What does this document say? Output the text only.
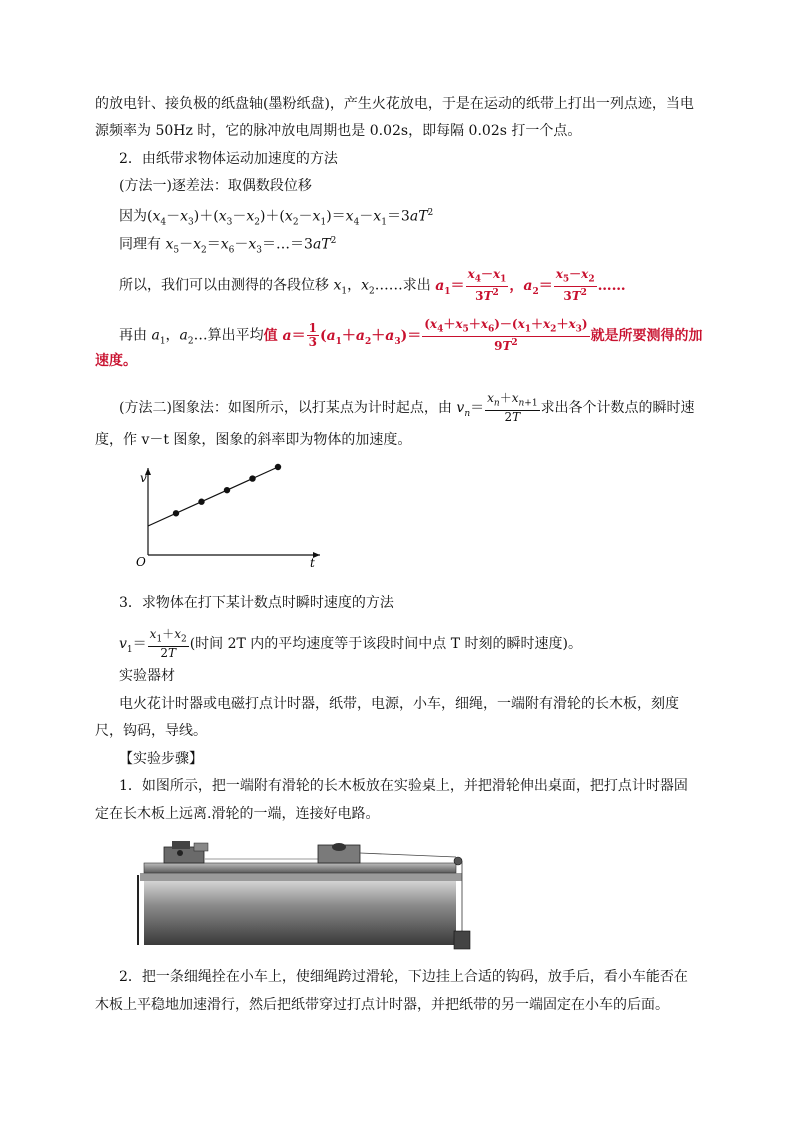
的放电针、接负极的纸盘轴(墨粉纸盘)，产生火花放电，于是在运动的纸带上打出一列点迹，当电
源频率为 50Hz 时，它的脉冲放电周期也是 0.02s，即每隔 0.02s 打一个点。
2．由纸带求物体运动加速度的方法
(方法一)逐差法：取偶数段位移
因为$(x_4-x_3)+(x_3-x_2)+(x_2-x_1)=x_4-x_1=3aT^2$
同理有 $x_5-x_2=x_6-x_3=\dots=3aT^2$
所以，我们可以由测得的各段位移 $x_1$，$x_2\dots\dots$求出 $a_1= \frac{x_4-x_1}{3T^2}$ ，$a_2= \frac{x_5-x_2}{3T^2}$ ……
再由 $a_1$，$a_2\dots$算出平均值 $a= \frac{1}{3} (a_1+a_2+a_3)= \frac{(x_4+x_5+x_6)-(x_1+x_2+x_3)}{9T^2}$ 就是所要测得的加
速度。
(方法二)图象法：如图所示，以打某点为计时起点，由 $v_n= \frac{x_n+x_{n+1}}{2T}$ 求出各个计数点的瞬时速
度，作 v－t 图象，图象的斜率即为物体的加速度。
v
t
O
3．求物体在打下某计数点时瞬时速度的方法
$v_1= \frac{x_1+x_2}{2T}$ (时间 2T 内的平均速度等于该段时间中点 T 时刻的瞬时速度)。
实验器材
电火花计时器或电磁打点计时器，纸带，电源，小车，细绳，一端附有滑轮的长木板，刻度
尺，钩码，导线。
【实验步骤】
1．如图所示，把一端附有滑轮的长木板放在实验桌上，并把滑轮伸出桌面，把打点计时器固
定在长木板上远离.滑轮的一端，连接好电路。
2．把一条细绳拴在小车上，使细绳跨过滑轮，下边挂上合适的钩码，放手后，看小车能否在
木板上平稳地加速滑行，然后把纸带穿过打点计时器，并把纸带的另一端固定在小车的后面。
